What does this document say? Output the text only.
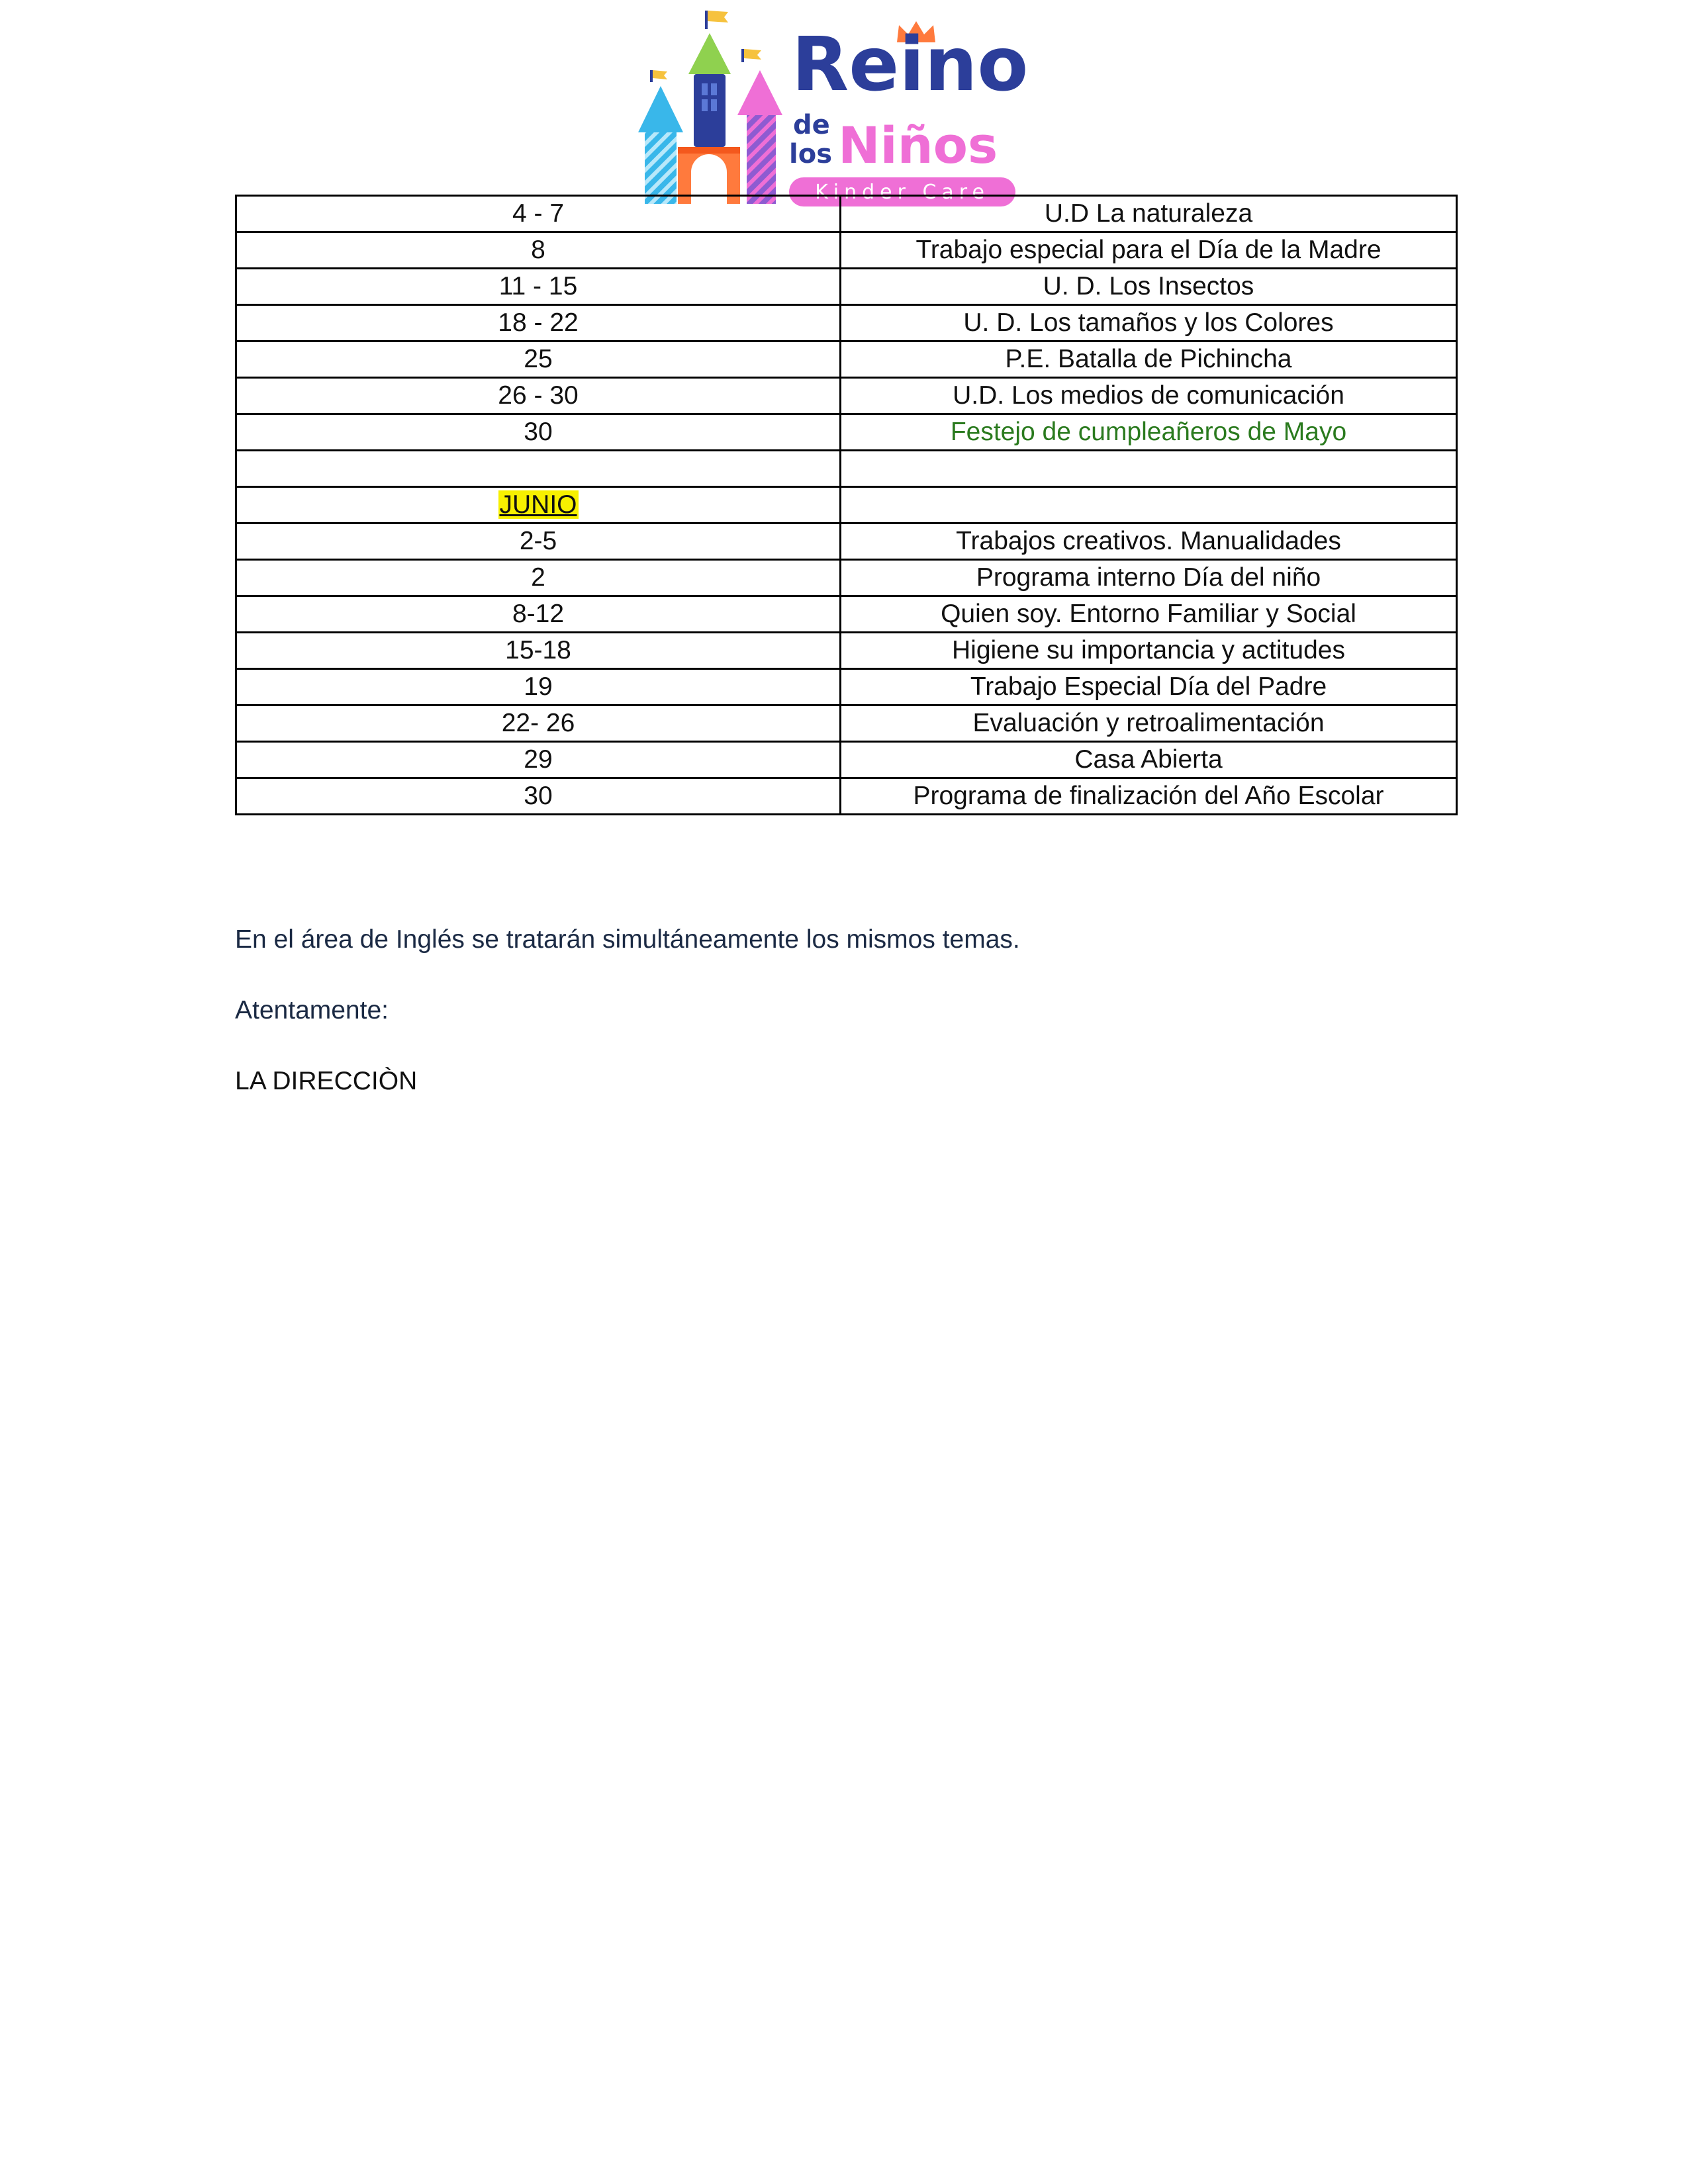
Reino
de
los Niños
Kinder Care
4 - 7	U.D La naturaleza
8	Trabajo especial para el Día de la Madre
11 - 15	U. D. Los Insectos
18 - 22	U. D. Los tamaños y los Colores
25	P.E. Batalla de Pichincha
26 - 30	U.D. Los medios de comunicación
30	Festejo de cumpleañeros de Mayo

JUNIO	
2-5	Trabajos creativos. Manualidades
2	Programa interno Día del niño
8-12	Quien soy. Entorno Familiar y Social
15-18	Higiene su importancia y actitudes
19	Trabajo Especial Día del Padre
22- 26	Evaluación y retroalimentación
29	Casa Abierta
30	Programa de finalización del Año Escolar
En el área de Inglés se tratarán simultáneamente los mismos temas.
Atentamente:
LA DIRECCIÒN
